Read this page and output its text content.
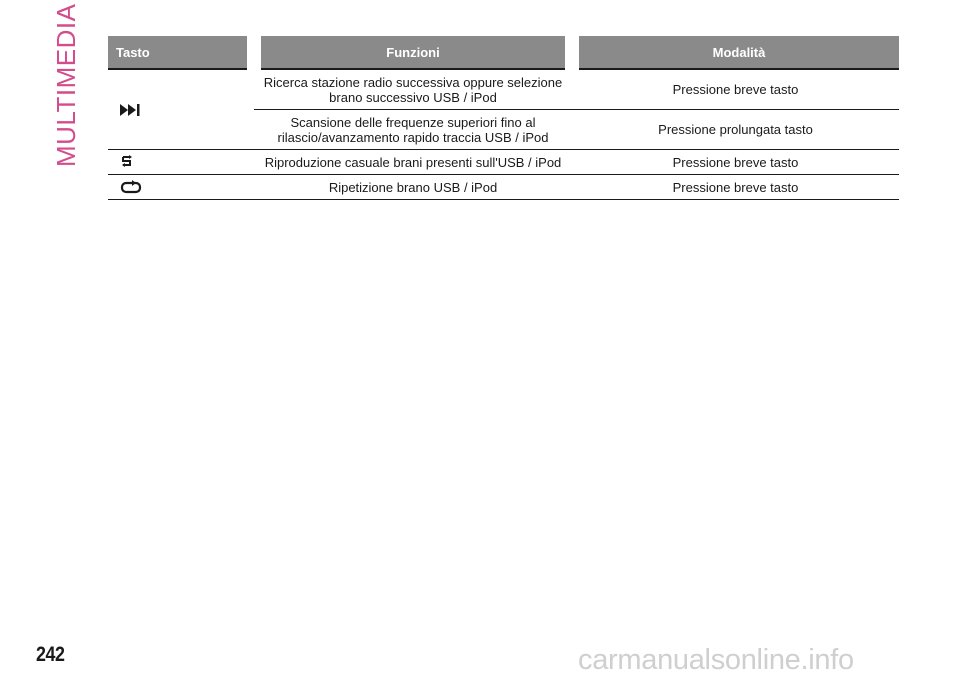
MULTIMEDIA	Tasto	Funzioni	Modalità

	Ricerca stazione radio successiva oppure selezione brano successivo USB / iPod	Pressione breve tasto
	Scansione delle frequenze superiori fino al rilascio/avanzamento rapido traccia USB / iPod	Pressione prolungata tasto

	Riproduzione casuale brani presenti sull'USB / iPod	Pressione breve tasto

	Ripetizione brano USB / iPod	Pressione breve tasto
242	carmanualsonline.info
